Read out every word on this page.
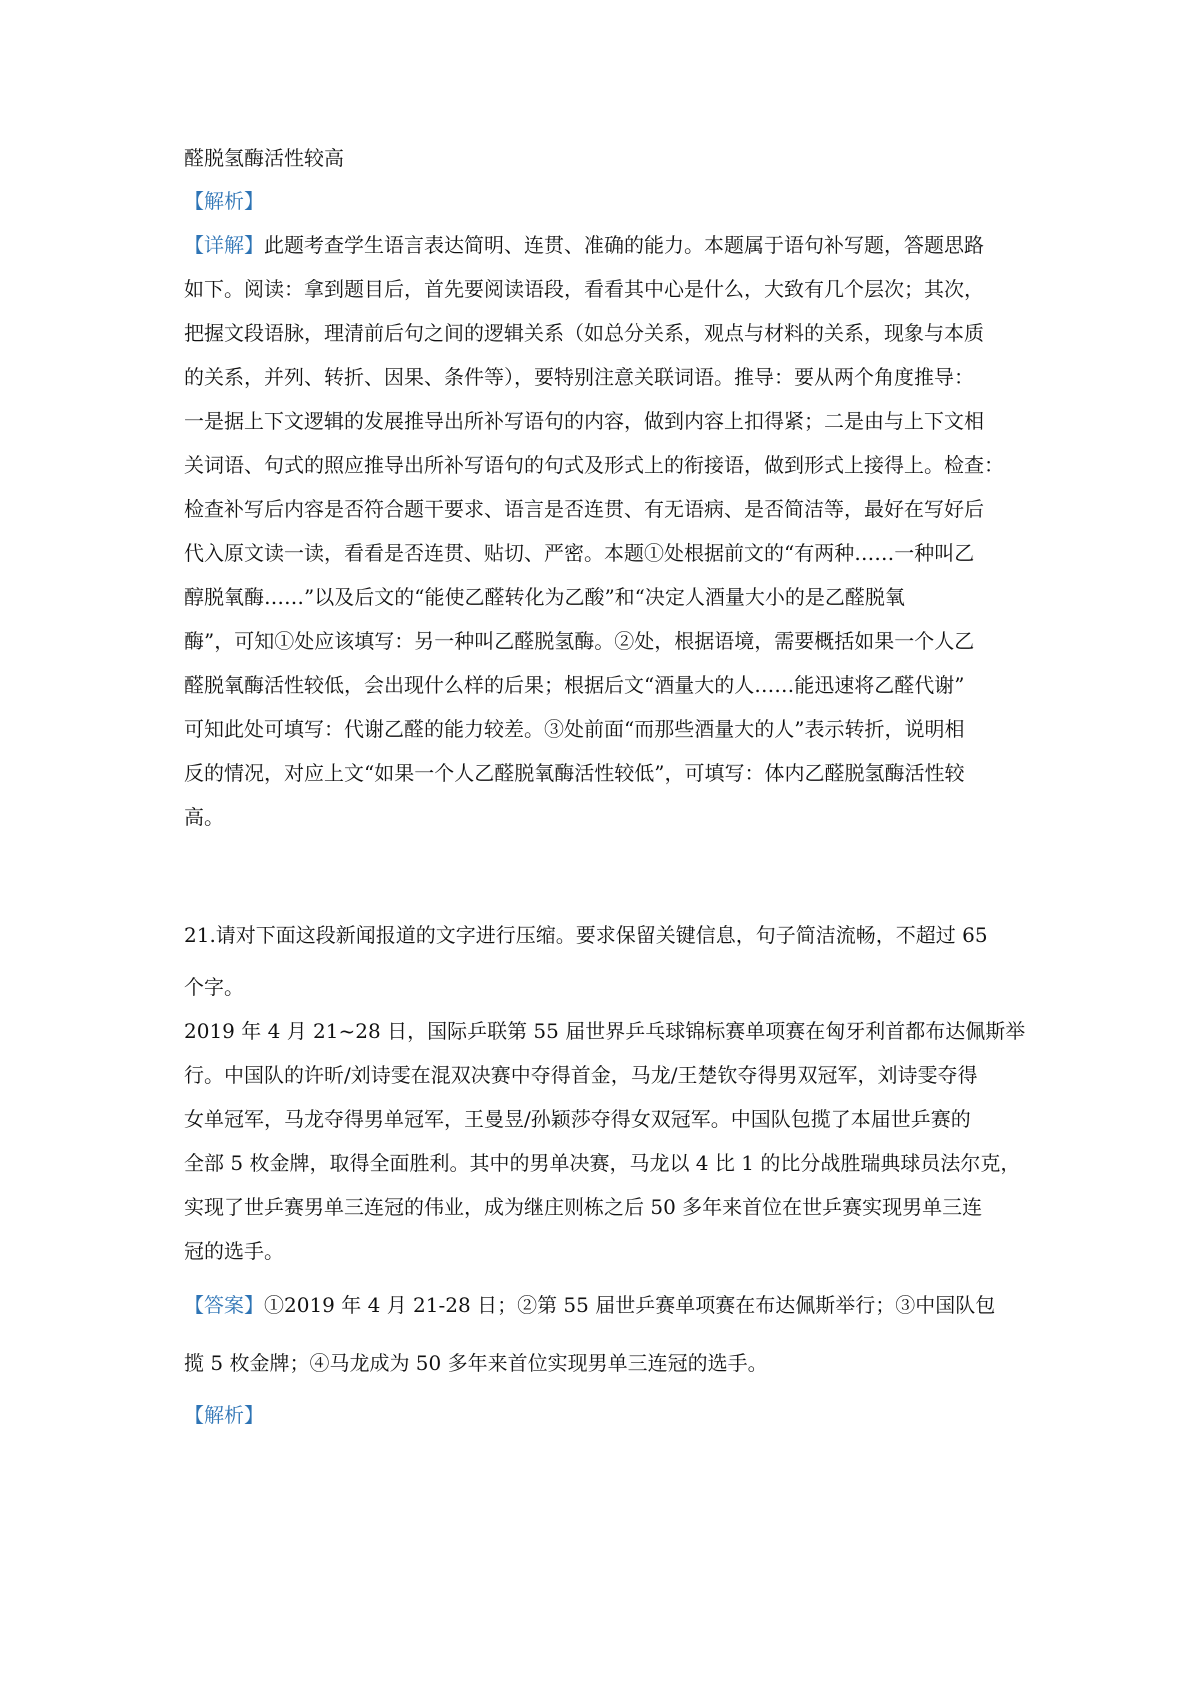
醛脱氢酶活性较高
【解析】
【详解】此题考查学生语言表达简明、连贯、准确的能力。本题属于语句补写题，答题思路
如下。阅读：拿到题目后，首先要阅读语段，看看其中心是什么，大致有几个层次；其次，
把握文段语脉，理清前后句之间的逻辑关系（如总分关系，观点与材料的关系，现象与本质
的关系，并列、转折、因果、条件等），要特别注意关联词语。推导：要从两个角度推导：
一是据上下文逻辑的发展推导出所补写语句的内容，做到内容上扣得紧；二是由与上下文相
关词语、句式的照应推导出所补写语句的句式及形式上的衔接语，做到形式上接得上。检查：
检查补写后内容是否符合题干要求、语言是否连贯、有无语病、是否简洁等，最好在写好后
代入原文读一读，看看是否连贯、贴切、严密。本题①处根据前文的“有两种……一种叫乙
醇脱氧酶……”以及后文的“能使乙醛转化为乙酸”和“决定人酒量大小的是乙醛脱氧
酶”，可知①处应该填写：另一种叫乙醛脱氢酶。②处，根据语境，需要概括如果一个人乙
醛脱氧酶活性较低，会出现什么样的后果；根据后文“酒量大的人……能迅速将乙醛代谢”
可知此处可填写：代谢乙醛的能力较差。③处前面“而那些酒量大的人”表示转折，说明相
反的情况，对应上文“如果一个人乙醛脱氧酶活性较低”，可填写：体内乙醛脱氢酶活性较
高。
21.请对下面这段新闻报道的文字进行压缩。要求保留关键信息，句子简洁流畅，不超过 65
个字。
2019 年 4 月 21~28 日，国际乒联第 55 届世界乒乓球锦标赛单项赛在匈牙利首都布达佩斯举
行。中国队的许昕/刘诗雯在混双决赛中夺得首金，马龙/王楚钦夺得男双冠军，刘诗雯夺得
女单冠军，马龙夺得男单冠军，王曼昱/孙颖莎夺得女双冠军。中国队包揽了本届世乒赛的
全部 5 枚金牌，取得全面胜利。其中的男单决赛，马龙以 4 比 1 的比分战胜瑞典球员法尔克，
实现了世乒赛男单三连冠的伟业，成为继庄则栋之后 50 多年来首位在世乒赛实现男单三连
冠的选手。
【答案】①2019 年 4 月 21-28 日；②第 55 届世乒赛单项赛在布达佩斯举行；③中国队包
揽 5 枚金牌；④马龙成为 50 多年来首位实现男单三连冠的选手。
【解析】
